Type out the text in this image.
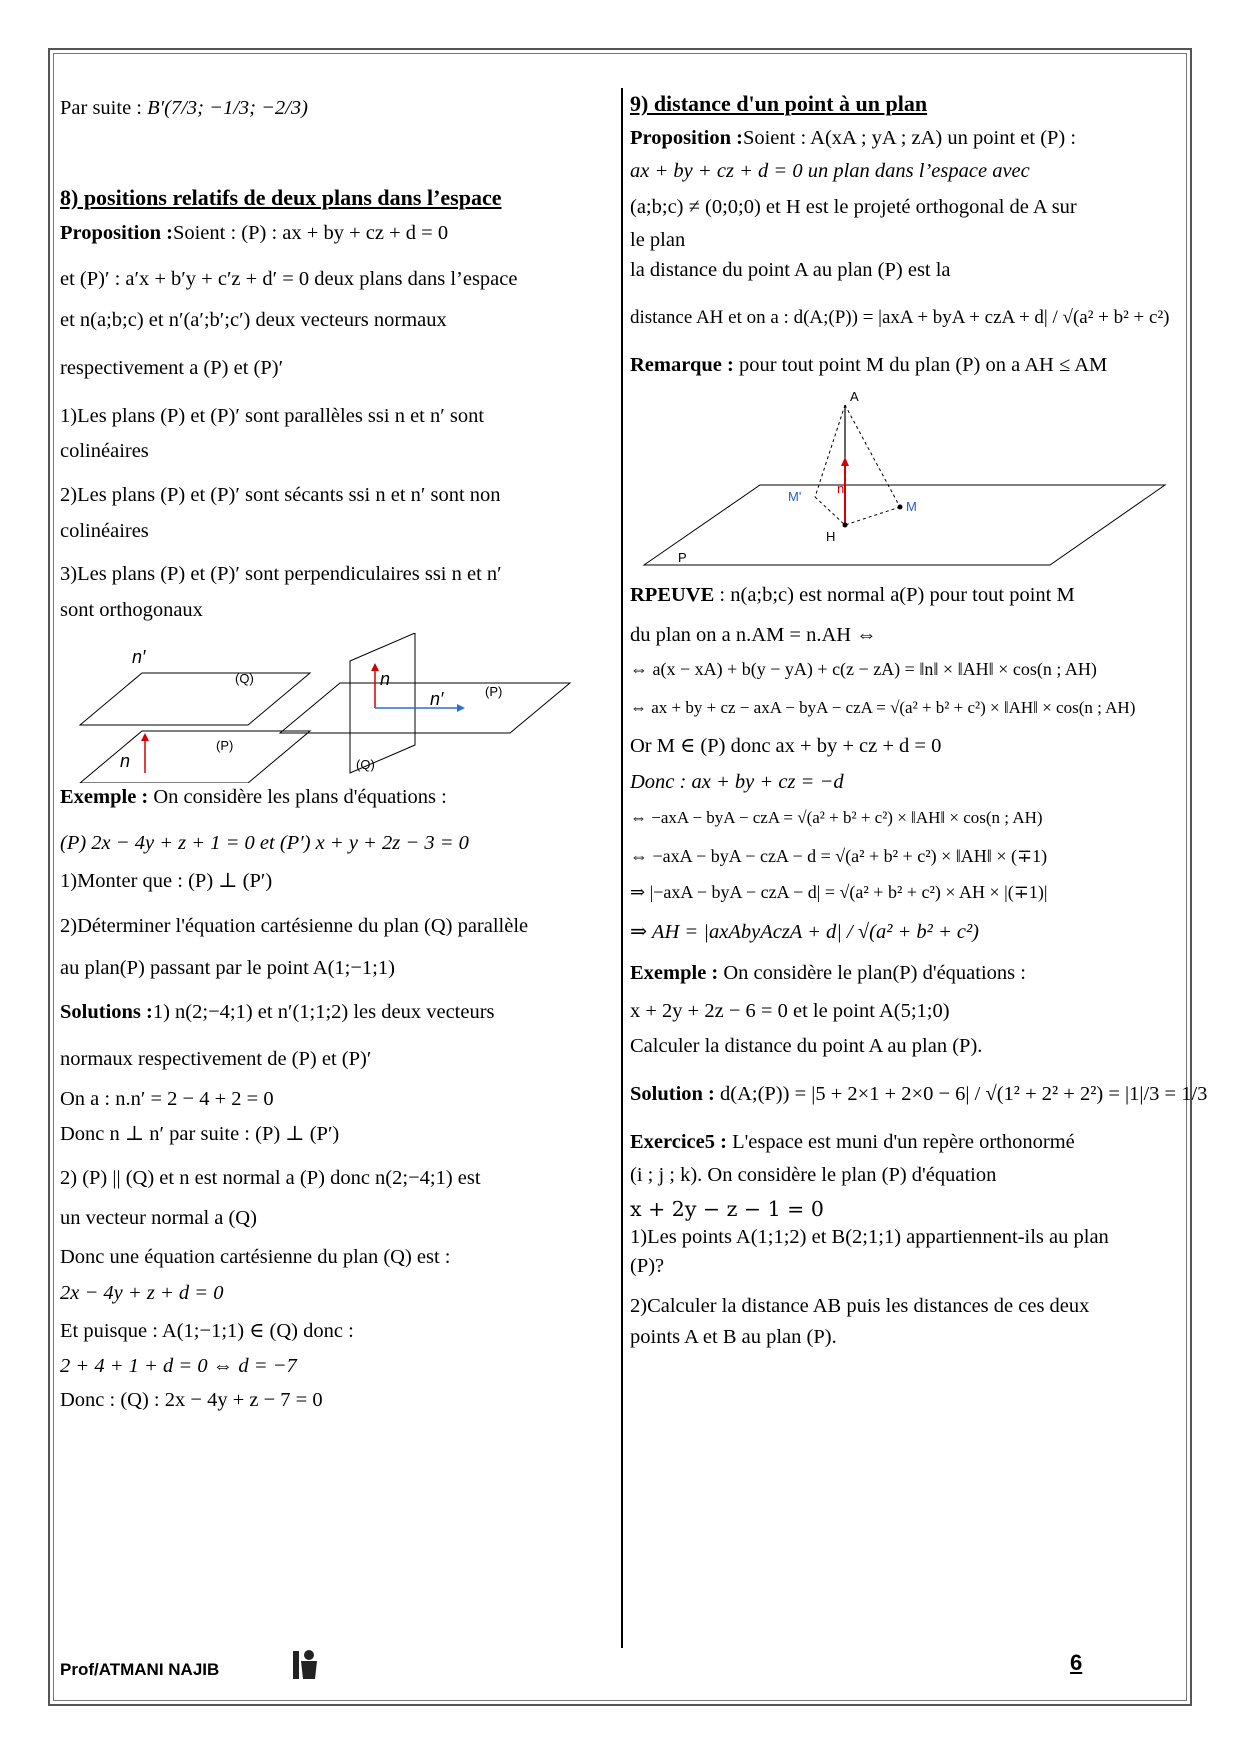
Par suite : B′(7/3; −1/3; −2/3)

8) positions relatifs de deux plans dans l’espace

Proposition :Soient : (P) : ax + by + cz + d = 0

et (P)′ : a′x + b′y + c′z + d′ = 0 deux plans dans l’espace

et n(a;b;c) et n′(a′;b′;c′) deux vecteurs normaux

respectivement a (P) et (P)′

1)Les plans (P) et (P)′ sont parallèles ssi n et n′ sont

colinéaires

2)Les plans (P) et (P)′ sont sécants ssi n et n′ sont non

colinéaires

3)Les plans (P) et (P)′ sont perpendiculaires ssi n et n′

sont orthogonaux

n′
(Q)
n
(P)
n
n′	(P)
(Q)

Exemple : On considère les plans d'équations :

(P) 2x − 4y + z + 1 = 0 et (P′) x + y + 2z − 3 = 0

1)Monter que : (P) ⊥ (P′)

2)Déterminer l'équation cartésienne du plan (Q) parallèle

au plan(P) passant par le point A(1;−1;1)

Solutions :1) n(2;−4;1) et n′(1;1;2) les deux vecteurs

normaux respectivement de (P) et (P)′

On a : n.n′ = 2 − 4 + 2 = 0

Donc n ⊥ n′ par suite : (P) ⊥ (P′)

2) (P) || (Q) et n est normal a (P) donc n(2;−4;1) est

un vecteur normal a (Q)

Donc une équation cartésienne du plan (Q) est :

2x − 4y + z + d = 0

Et puisque : A(1;−1;1) ∈ (Q) donc :

2 + 4 + 1 + d = 0 ⇔ d = −7

Donc : (Q) : 2x − 4y + z − 7 = 0

9) distance d'un point à un plan

Proposition :Soient : A(xA ; yA ; zA) un point et (P) :

ax + by + cz + d = 0 un plan dans l’espace avec

(a;b;c) ≠ (0;0;0) et H est le projeté orthogonal de A sur

le plan

la distance du point A au plan (P) est la

distance AH et on a : d(A;(P)) = |axA + byA + czA + d| / √(a² + b² + c²)

Remarque : pour tout point M du plan (P) on a AH ≤ AM

A
n
M'
M
H
P

RPEUVE : n(a;b;c) est normal a(P) pour tout point M

du plan on a n.AM = n.AH ⇔

⇔ a(x − xA) + b(y − yA) + c(z − zA) = ‖n‖ × ‖AH‖ × cos(n ; AH)

⇔ ax + by + cz − axA − byA − czA = √(a² + b² + c²) × ‖AH‖ × cos(n ; AH)

Or M ∈ (P) donc ax + by + cz + d = 0

Donc : ax + by + cz = −d

⇔ −axA − byA − czA = √(a² + b² + c²) × ‖AH‖ × cos(n ; AH)

⇔ −axA − byA − czA − d = √(a² + b² + c²) × ‖AH‖ × (∓1)

⇒ |−axA − byA − czA − d| = √(a² + b² + c²) × AH × |(∓1)|

⇒ AH = |axAbyAczA + d| / √(a² + b² + c²)

Exemple : On considère le plan(P) d'équations :

x + 2y + 2z − 6 = 0 et le point A(5;1;0)

Calculer la distance du point A au plan (P).

Solution : d(A;(P)) = |5 + 2×1 + 2×0 − 6| / √(1² + 2² + 2²) = |1|/3 = 1/3

Exercice5 : L'espace est muni d'un repère orthonormé

(i ; j ; k). On considère le plan (P) d'équation

x + 2y − z − 1 = 0

1)Les points A(1;1;2) et B(2;1;1) appartiennent-ils au plan

(P)?

2)Calculer la distance AB puis les distances de ces deux

points A et B au plan (P).

Prof/ATMANI NAJIB	6
